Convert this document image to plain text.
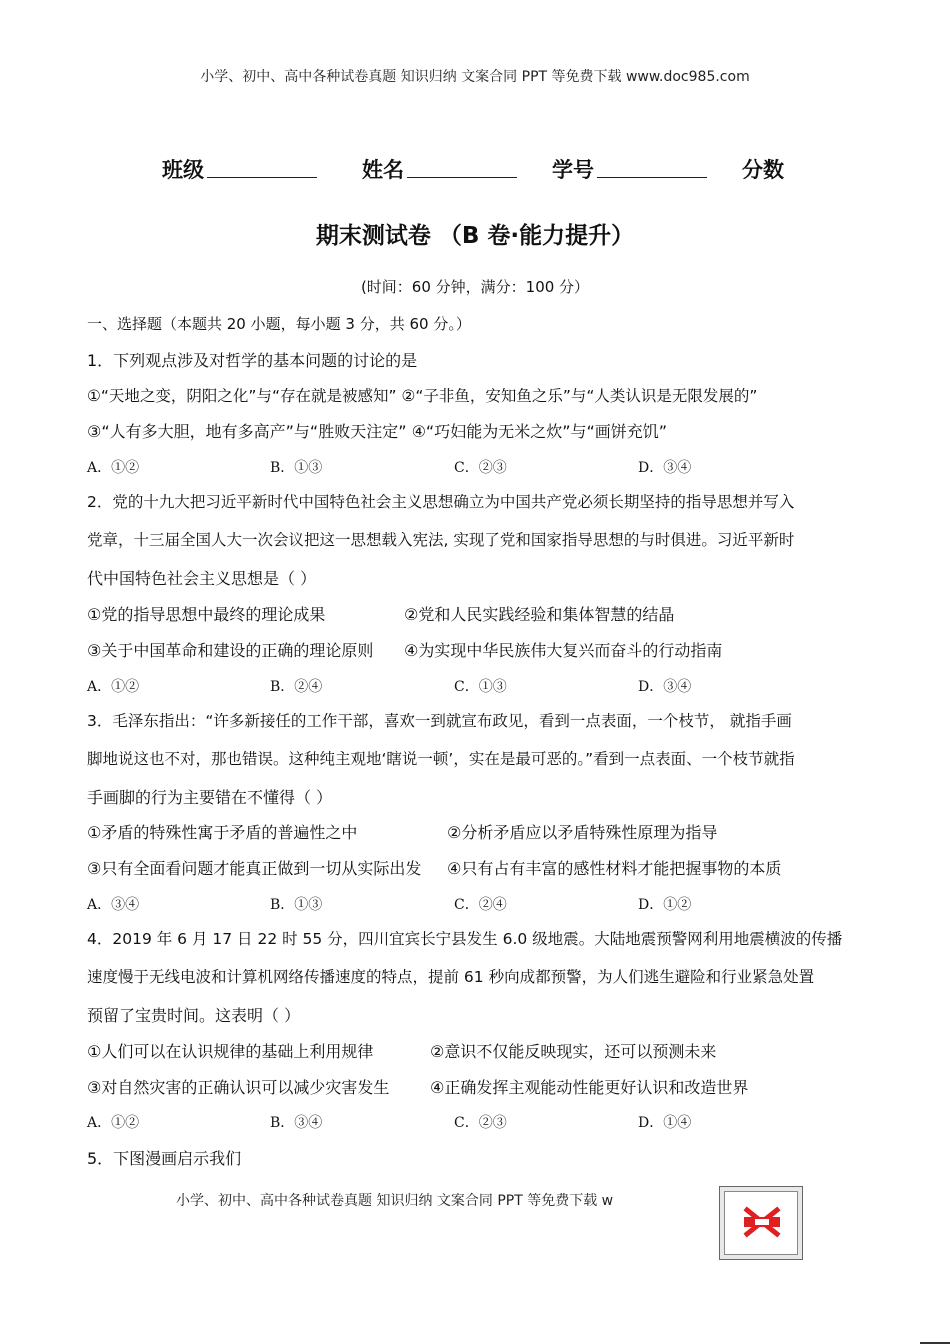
小学、初中、高中各种试卷真题 知识归纳 文案合同 PPT 等免费下载 www.doc985.com
班级	姓名	学号	分数
期末测试卷 （B 卷·能力提升）
(时间：60 分钟，满分：100 分）
一、选择题（本题共 20 小题，每小题 3 分，共 60 分。）
1．下列观点涉及对哲学的基本问题的讨论的是
①“天地之变，阴阳之化”与“存在就是被感知” ②“子非鱼，安知鱼之乐”与“人类认识是无限发展的”
③“人有多大胆，地有多高产”与“胜败天注定” ④“巧妇能为无米之炊”与“画饼充饥”
A．①②	B．①③	C．②③	D．③④
2．党的十九大把习近平新时代中国特色社会主义思想确立为中国共产党必须长期坚持的指导思想并写入
党章，十三届全国人大一次会议把这一思想载入宪法, 实现了党和国家指导思想的与时俱进。习近平新时
代中国特色社会主义思想是（ ）
①党的指导思想中最终的理论成果	②党和人民实践经验和集体智慧的结晶
③关于中国革命和建设的正确的理论原则 ④为实现中华民族伟大复兴而奋斗的行动指南
A．①②	B．②④	C．①③	D．③④
3．毛泽东指出：“许多新接任的工作干部，喜欢一到就宣布政见，看到一点表面，一个枝节， 就指手画
脚地说这也不对，那也错误。这种纯主观地‘瞎说一顿’，实在是最可恶的。”看到一点表面、一个枝节就指
手画脚的行为主要错在不懂得（ ）
①矛盾的特殊性寓于矛盾的普遍性之中	②分析矛盾应以矛盾特殊性原理为指导
③只有全面看问题才能真正做到一切从实际出发 ④只有占有丰富的感性材料才能把握事物的本质
A．③④	B．①③	C．②④	D．①②
4．2019 年 6 月 17 日 22 时 55 分，四川宜宾长宁县发生 6.0 级地震。大陆地震预警网利用地震横波的传播
速度慢于无线电波和计算机网络传播速度的特点，提前 61 秒向成都预警，为人们逃生避险和行业紧急处置
预留了宝贵时间。这表明（ ）
①人们可以在认识规律的基础上利用规律	②意识不仅能反映现实，还可以预测未来
③对自然灾害的正确认识可以减少灾害发生	④正确发挥主观能动性能更好认识和改造世界
A．①②	B．③④	C．②③	D．①④
5．下图漫画启示我们
小学、初中、高中各种试卷真题 知识归纳 文案合同 PPT 等免费下载 w
